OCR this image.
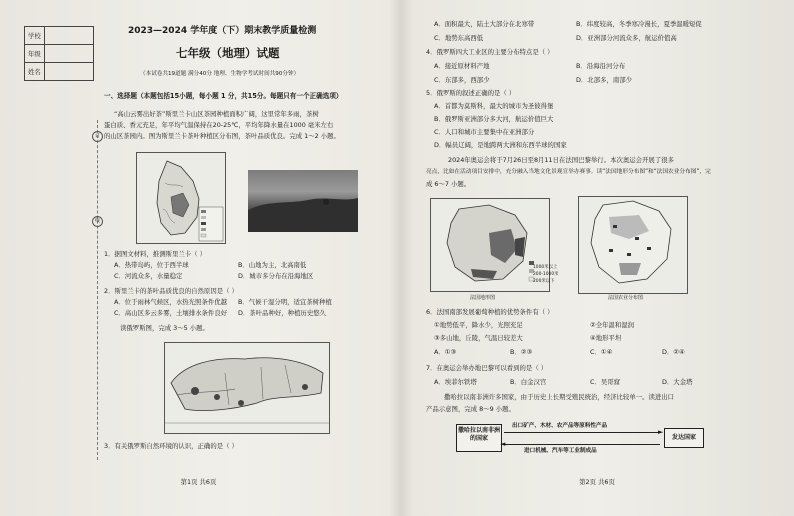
学校	
年级	
姓名	
2023—2024 学年度（下）期末教学质量检测
七年级（地理）试题
（本试卷共19道题 满分40分 地理、生物学考试时间共90分钟）
订
线
一、选择题（本题包括15小题，每小题 1 分，共15分。每题只有一个正确选项）
“高山云雾出好茶”斯里兰卡山区茶园种植面积广阔，这里常年多雨，茶树
蛋白质、香元充足，年平均气温保持在20-25℃，平均年降水量在1000 毫米左右
的山区茶园内。图为斯里兰卡茶叶种植区分布图，茶叶品质优良。完成 1～2 小题。
1．据图文材料，推测斯里兰卡（ ）
A．热带岛屿，位于西半球	B．山地为主，北高南低
C．河流众多，水量稳定	D．城市多分布在沿海地区
2．斯里兰卡的茶叶品质优良的自然原因是（ ）
A．位于雨林气候区，水热光照条件优越 B．气候干湿分明，适宜茶树种植
C．高山区多云多雾，土壤排水条件良好 D．茶叶品种好，种植历史悠久
读俄罗斯图，完成 3～5 小题。
3．有关俄罗斯自然环境的认识，正确的是（ ）
第1页 共6页
A．面积最大，陆土大部分在北寒带	B．纬度较高，冬季寒冷漫长，夏季温暖短促
C．地势东高西低	D．亚洲部分河流众多，航运价值高
4．俄罗斯四大工业区的主要分布特点是（ ）
A．接近原材料产地	B．沿海沿河分布
C．东部多，西部少	D．北部多，南部少
5．俄罗斯的叙述正确的是（ ）
A．首都为莫斯科，最大的城市为圣彼得堡
B．俄罗斯亚洲部分多大河，航运价值巨大
C．人口和城市主要集中在亚洲部分
D．幅员辽阔，是地跨两大洲和东西半球的国家
2024年奥运会将于7月26日至8月11日在法国巴黎举行。本次奥运会开展了很多
亮点，比如在活动项目安排中，充分融入当地文化景观宣举办赛事。读“法国地形分布图”和“法国农业分布图”，完
成 6～7 小题。
1000米以上
200-1000米
200米以下
法国地形图	法国农业分布图
6．法国南部发展葡萄种植的优势条件有（ ）
①地势低平，降水少，光照充足	②全年温和湿润
③多山地，丘陵，气温日较差大	④地形平坦
A．①③	B．②③	C．①④	D．②④
7．在奥运会举办地巴黎可以看到的是（ ）
A．埃菲尔铁塔	B．白金汉宫	C．吴哥窟	D．大金塔
撒哈拉以南非洲许多国家，由于历史上长期受殖民统治，经济比较单一。读进出口
产品示意图，完成 8～9 小题。
撒哈拉以南非洲的国家	发达国家
►
出口矿产、木材、农产品等原料性产品
◄
进口机械、汽车等工业制成品
第2页 共6页
